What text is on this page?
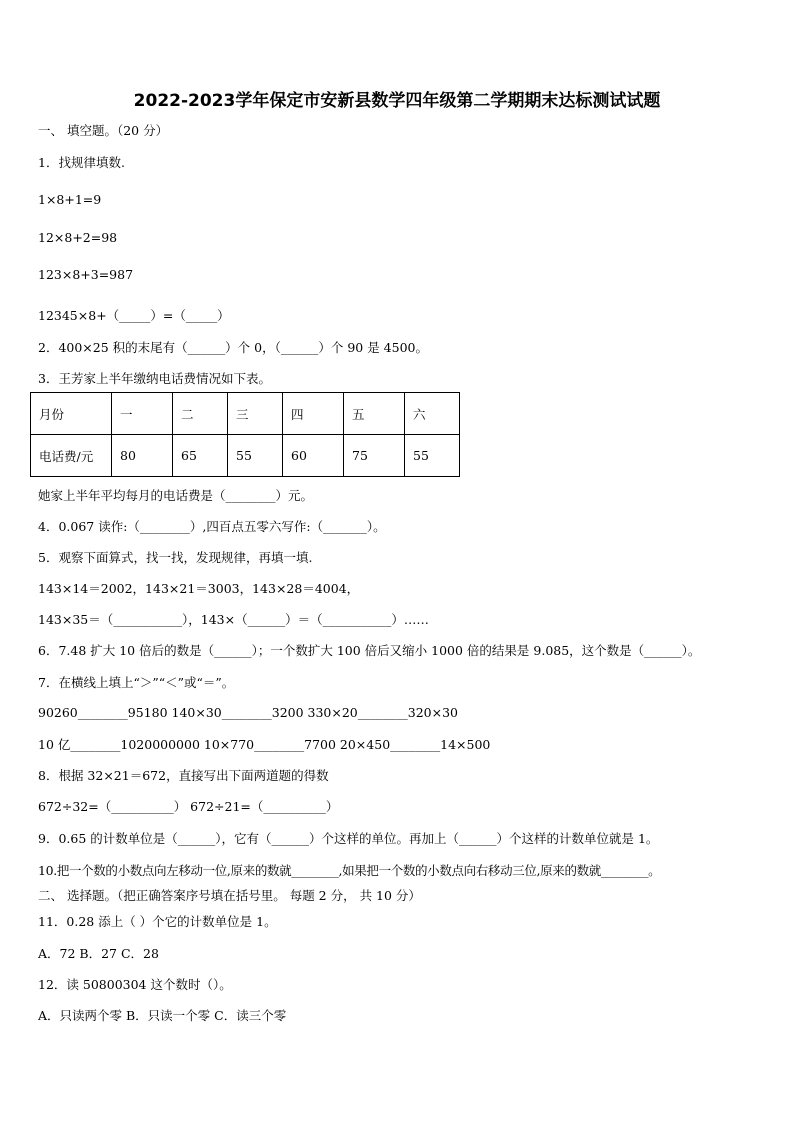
2022-2023学年保定市安新县数学四年级第二学期期末达标测试试题
一、 填空题。（20 分）
1．找规律填数.
1×8+1=9
12×8+2=98
123×8+3=987
12345×8+（_____）=（_____）
2．400×25 积的末尾有（______）个 0，（______）个 90 是 4500。
3．王芳家上半年缴纳电话费情况如下表。
月份	一	二	三	四	五	六
电话费/元	80	65	55	60	75	55
她家上半年平均每月的电话费是（________）元。
4．0.067 读作:（________）,四百点五零六写作:（_______）。
5．观察下面算式，找一找，发现规律，再填一填.
143×14＝2002，143×21＝3003，143×28＝4004，
143×35＝（___________），143×（______）＝（___________）……
6．7.48 扩大 10 倍后的数是（______）；一个数扩大 100 倍后又缩小 1000 倍的结果是 9.085，这个数是（______）。
7．在横线上填上“＞”“＜”或“＝”。
90260________95180 140×30________3200 330×20________320×30
10 亿________1020000000 10×770________7700 20×450________14×500
8．根据 32×21＝672，直接写出下面两道题的得数
672÷32=（__________） 672÷21=（__________）
9．0.65 的计数单位是（______），它有（______）个这样的单位。再加上（______）个这样的计数单位就是 1。
10.把一个数的小数点向左移动一位,原来的数就________,如果把一个数的小数点向右移动三位,原来的数就________。
二、 选择题。（把正确答案序号填在括号里。 每题 2 分， 共 10 分）
11．0.28 添上（ ）个它的计数单位是 1。
A．72 B．27 C．28
12．读 50800304 这个数时（）。
A．只读两个零 B．只读一个零 C．读三个零
